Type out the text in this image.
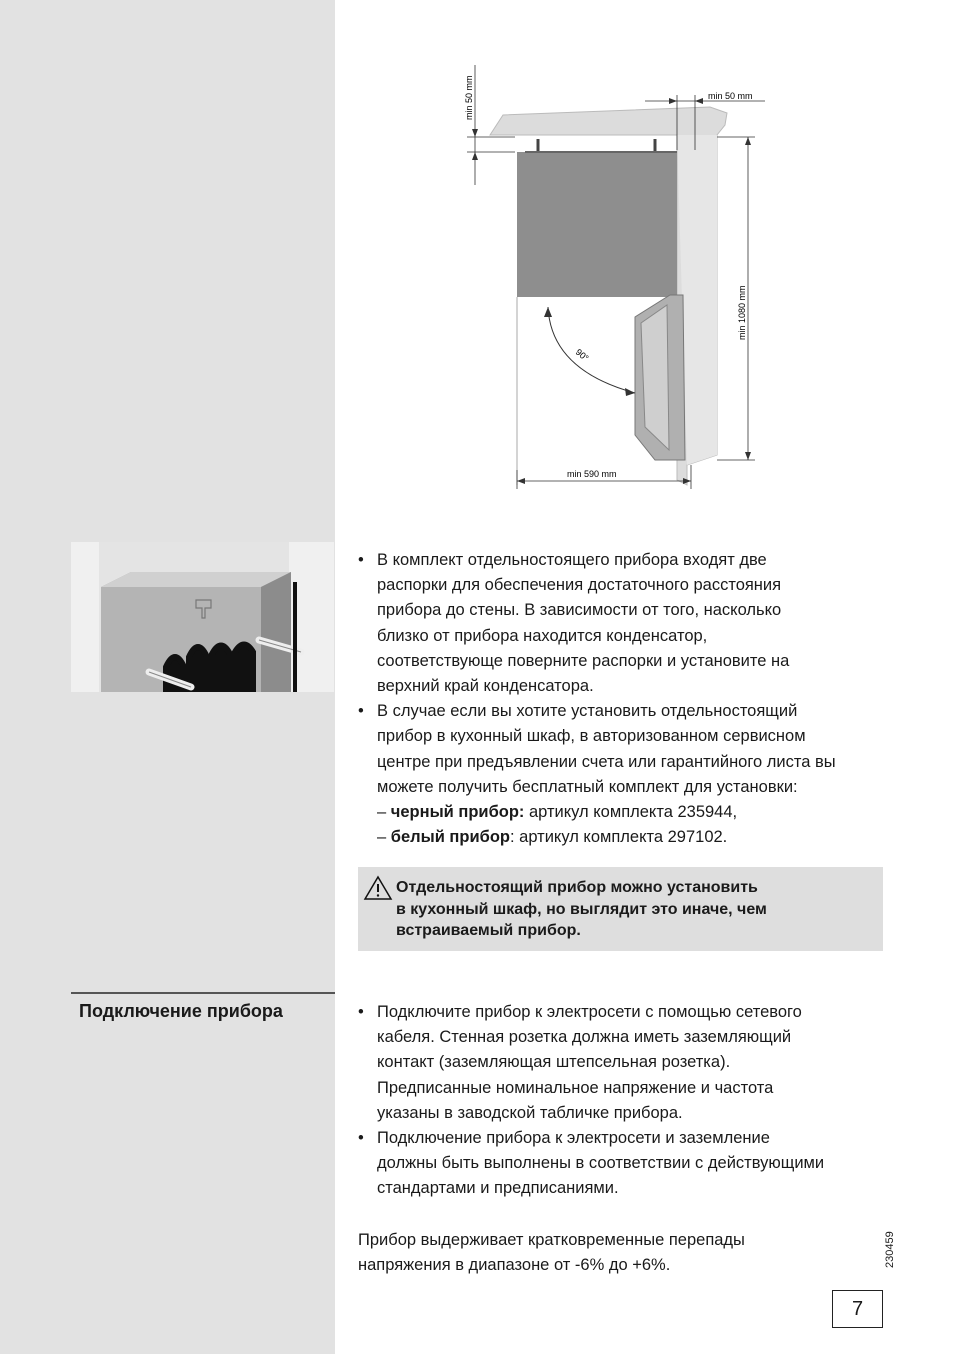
min 50 mm	min 50 mm
min 1080 mm
min 590 mm
90°
• В комплект отдельностоящего прибора входят две
распорки для обеспечения достаточного расстояния
прибора до стены. В зависимости от того, насколько
близко от прибора находится конденсатор,
соответствующе поверните распорки и установите на
верхний край конденсатора.
• В случае если вы хотите установить отдельностоящий
прибор в кухонный шкаф, в авторизованном сервисном
центре при предъявлении счета или гарантийного листа вы
можете получить бесплатный комплект для установки:
– черный прибор: артикул комплекта 235944,
– белый прибор: артикул комплекта 297102.
Отдельностоящий прибор можно установить
в кухонный шкаф, но выглядит это иначе, чем
встраиваемый прибор.
Подключение прибора
•	Подключите прибор к электросети с помощью сетевого
кабеля. Стенная розетка должна иметь заземляющий
контакт (заземляющая штепсельная розетка).
Предписанные номинальное напряжение и частота
указаны в заводской табличке прибора.
• Подключение прибора к электросети и заземление
должны быть выполнены в соответствии с действующими
стандартами и предписаниями.

Прибор выдерживает кратковременные перепады
напряжения в диапазоне от -6% до +6%.	230459
7
